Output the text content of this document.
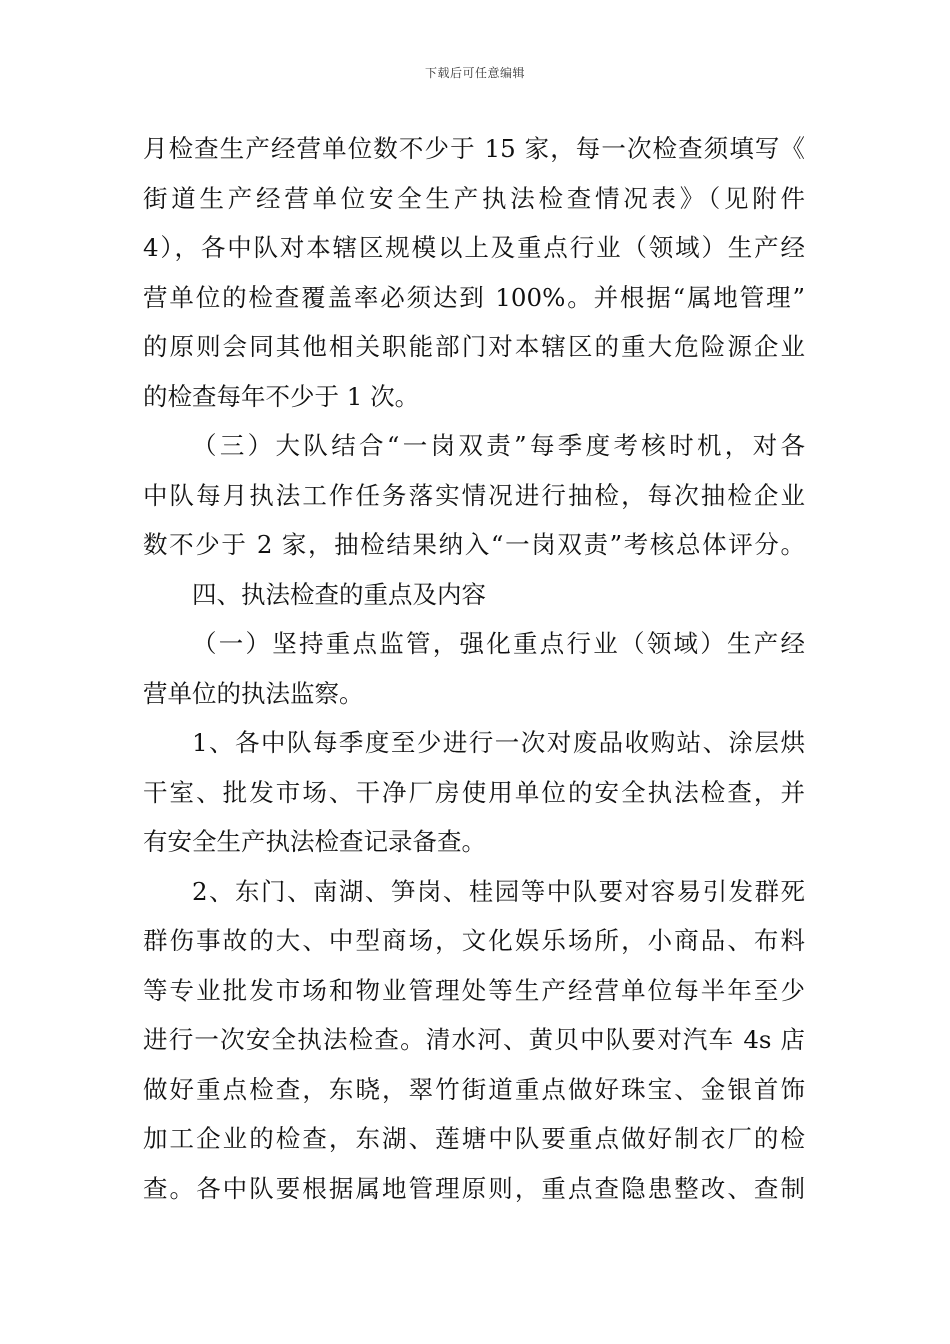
下载后可任意编辑
月检查生产经营单位数不少于 15 家，每一次检查须填写《
街道生产经营单位安全生产执法检查情况表》（见附件
4），各中队对本辖区规模以上及重点行业（领域）生产经
营单位的检查覆盖率必须达到 100%。并根据“属地管理”
的原则会同其他相关职能部门对本辖区的重大危险源企业
的检查每年不少于 1 次。
（三）大队结合“一岗双责”每季度考核时机，对各
中队每月执法工作任务落实情况进行抽检，每次抽检企业
数不少于 2 家，抽检结果纳入“一岗双责”考核总体评分。
四、执法检查的重点及内容
（一）坚持重点监管，强化重点行业（领域）生产经
营单位的执法监察。
1、各中队每季度至少进行一次对废品收购站、涂层烘
干室、批发市场、干净厂房使用单位的安全执法检查，并
有安全生产执法检查记录备查。
2、东门、南湖、笋岗、桂园等中队要对容易引发群死
群伤事故的大、中型商场，文化娱乐场所，小商品、布料
等专业批发市场和物业管理处等生产经营单位每半年至少
进行一次安全执法检查。清水河、黄贝中队要对汽车 4s 店
做好重点检查，东晓，翠竹街道重点做好珠宝、金银首饰
加工企业的检查，东湖、莲塘中队要重点做好制衣厂的检
查。各中队要根据属地管理原则，重点查隐患整改、查制
